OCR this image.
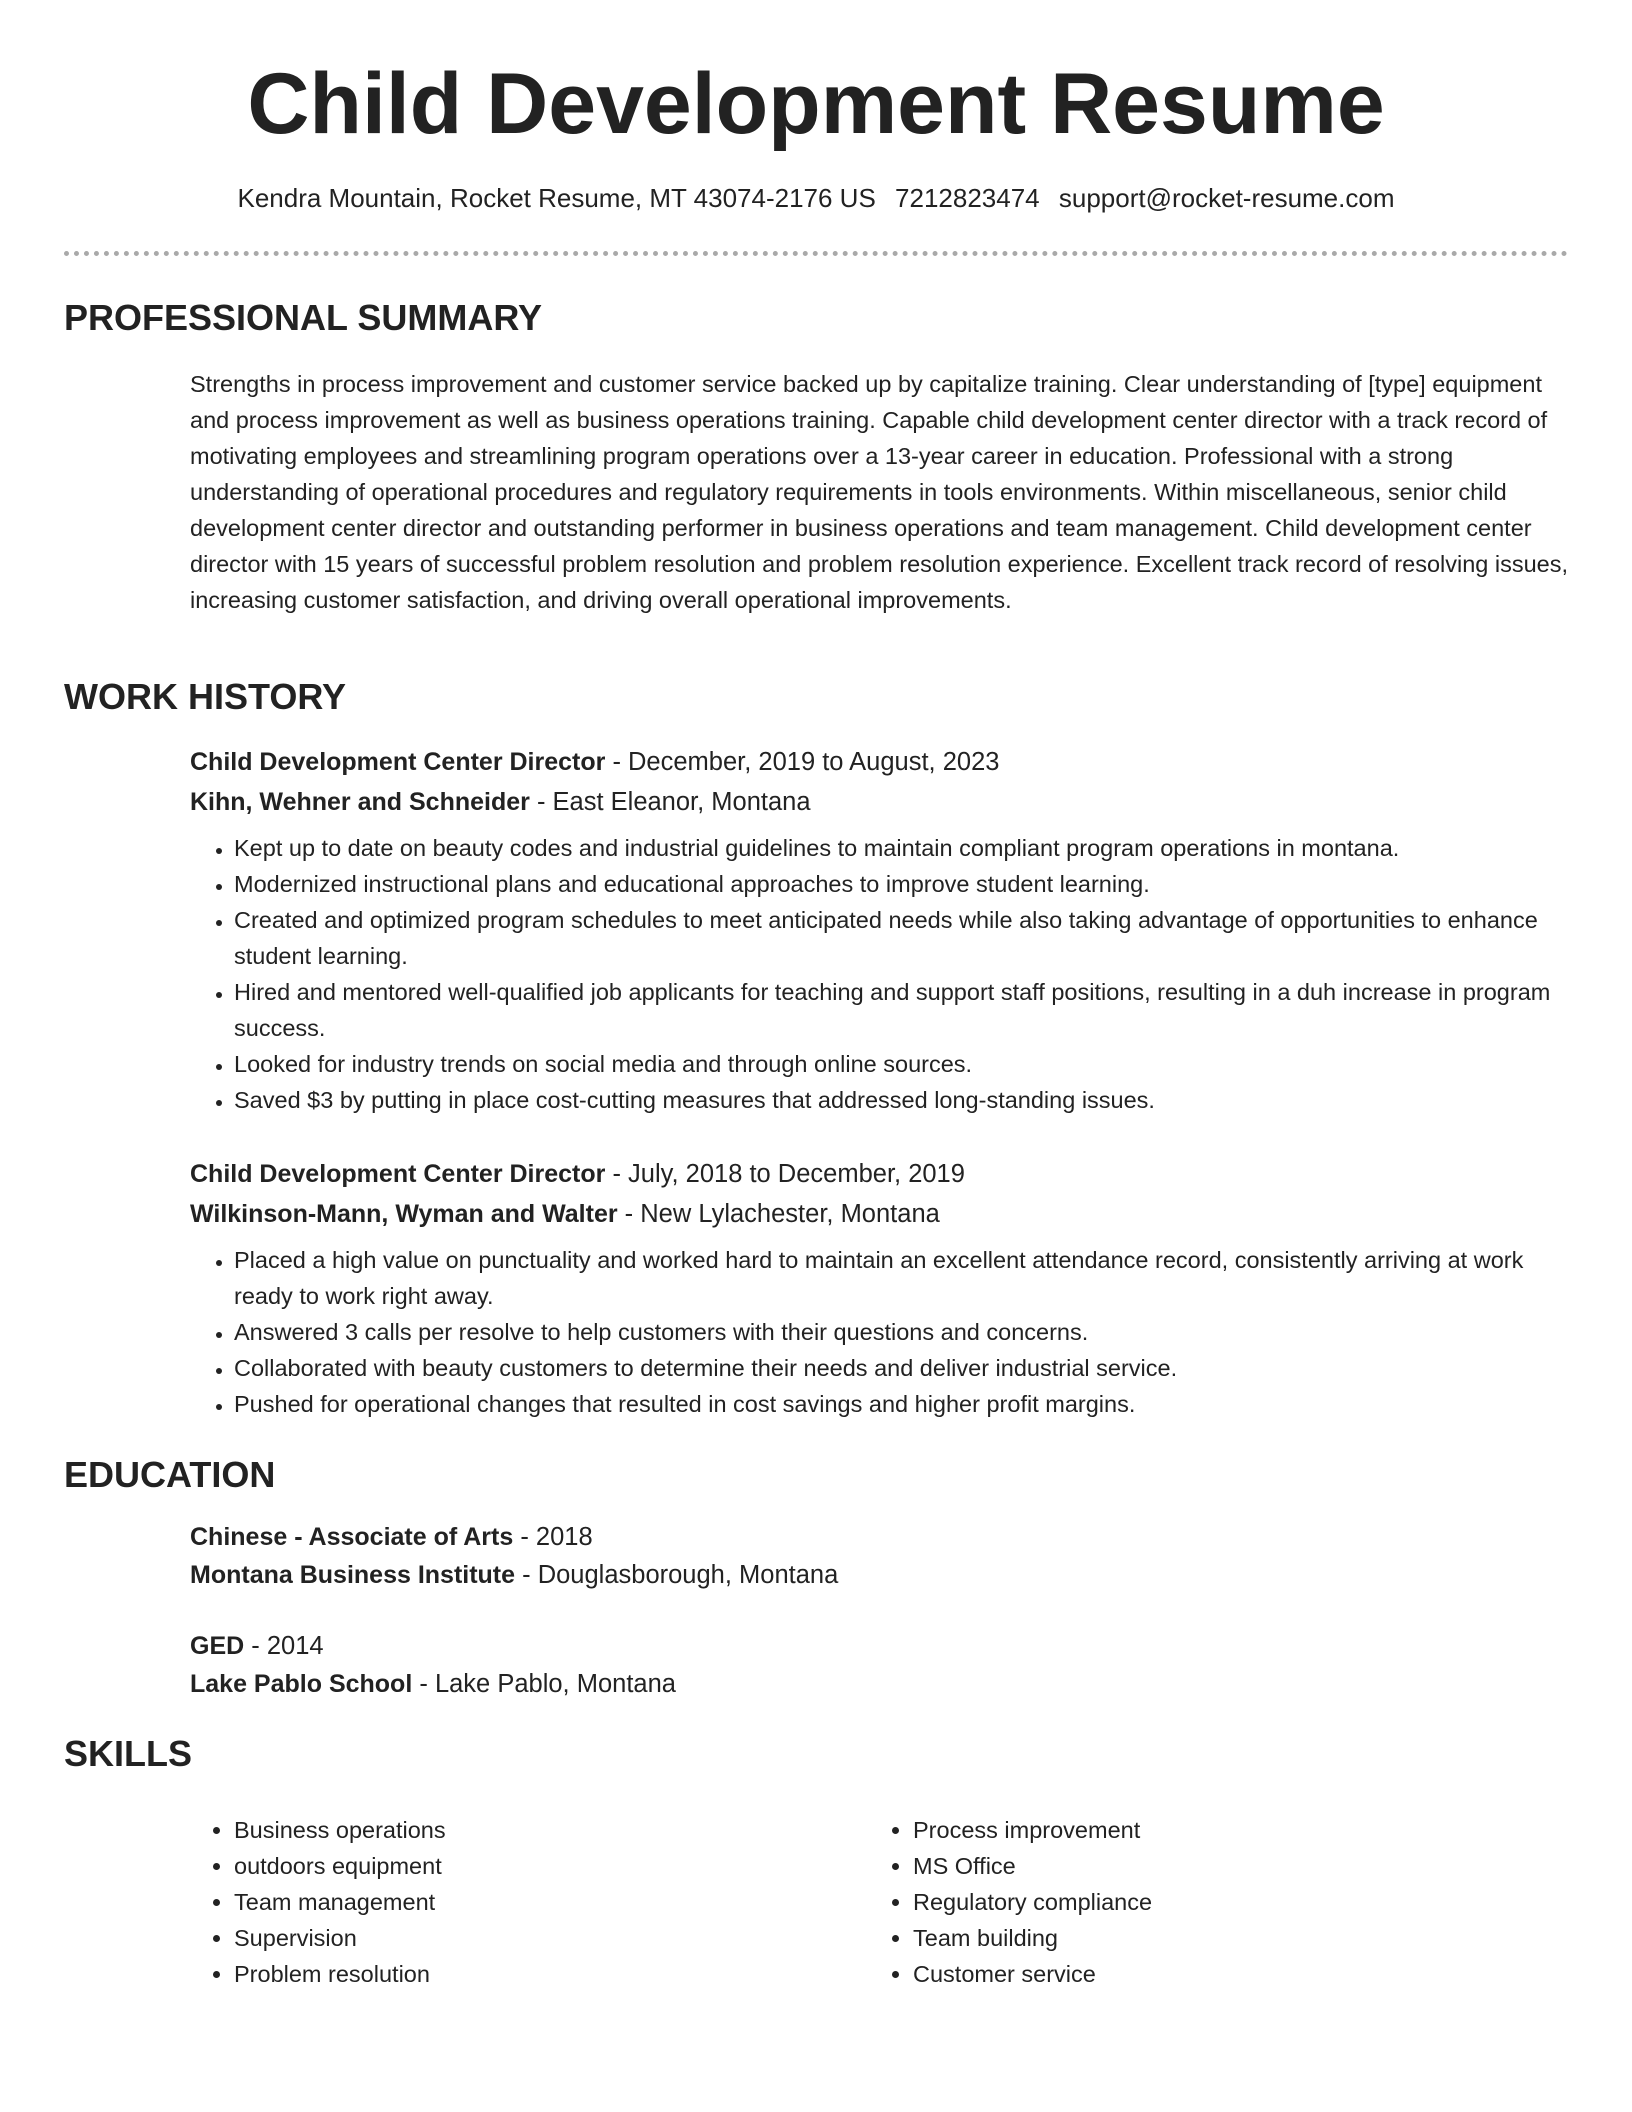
Child Development Resume
Kendra Mountain, Rocket Resume, MT 43074-2176 US 7212823474 support@rocket-resume.com
PROFESSIONAL SUMMARY
Strengths in process improvement and customer service backed up by capitalize training. Clear understanding of [type] equipment and process improvement as well as business operations training. Capable child development center director with a track record of motivating employees and streamlining program operations over a 13-year career in education. Professional with a strong understanding of operational procedures and regulatory requirements in tools environments. Within miscellaneous, senior child development center director and outstanding performer in business operations and team management. Child development center director with 15 years of successful problem resolution and problem resolution experience. Excellent track record of resolving issues, increasing customer satisfaction, and driving overall operational improvements.
WORK HISTORY
Child Development Center Director - December, 2019 to August, 2023
Kihn, Wehner and Schneider - East Eleanor, Montana
• Kept up to date on beauty codes and industrial guidelines to maintain compliant program operations in montana.
• Modernized instructional plans and educational approaches to improve student learning.
• Created and optimized program schedules to meet anticipated needs while also taking advantage of opportunities to enhance student learning.
• Hired and mentored well-qualified job applicants for teaching and support staff positions, resulting in a duh increase in program success.
• Looked for industry trends on social media and through online sources.
• Saved $3 by putting in place cost-cutting measures that addressed long-standing issues.
Child Development Center Director - July, 2018 to December, 2019
Wilkinson-Mann, Wyman and Walter - New Lylachester, Montana
• Placed a high value on punctuality and worked hard to maintain an excellent attendance record, consistently arriving at work ready to work right away.
• Answered 3 calls per resolve to help customers with their questions and concerns.
• Collaborated with beauty customers to determine their needs and deliver industrial service.
• Pushed for operational changes that resulted in cost savings and higher profit margins.
EDUCATION
Chinese - Associate of Arts - 2018
Montana Business Institute - Douglasborough, Montana
GED - 2014
Lake Pablo School - Lake Pablo, Montana
SKILLS
• Business operations
• outdoors equipment
• Team management
• Supervision
• Problem resolution
• Process improvement
• MS Office
• Regulatory compliance
• Team building
• Customer service
